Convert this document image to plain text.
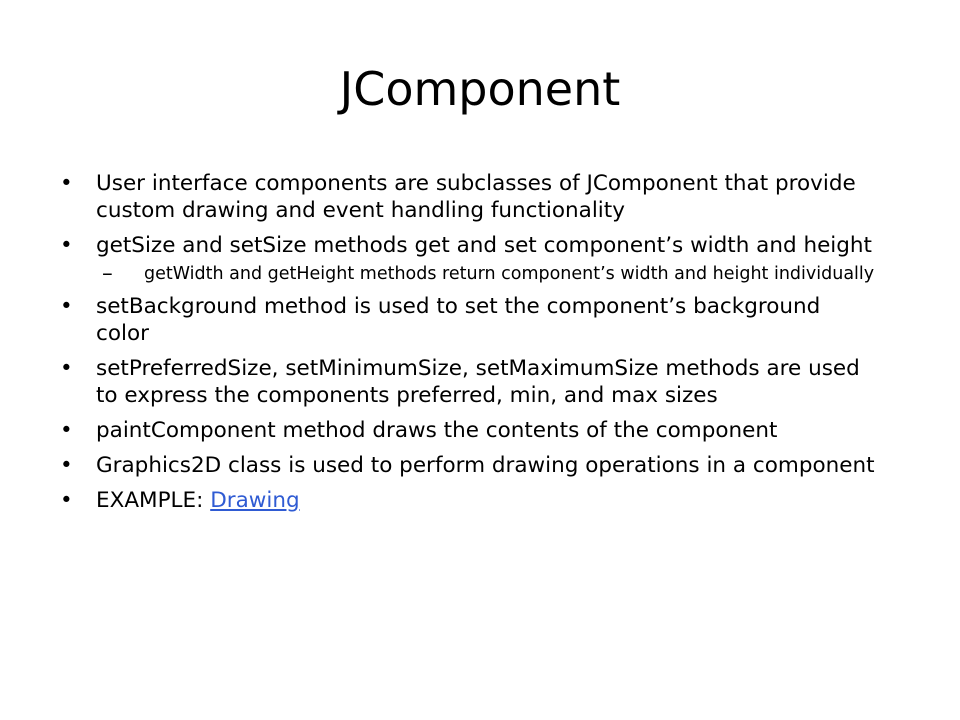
JComponent
• User interface components are subclasses of JComponent that provide custom drawing and event handling functionality
• getSize and setSize methods get and set component’s width and height
– getWidth and getHeight methods return component’s width and height individually
• setBackground method is used to set the component’s background color
• setPreferredSize, setMinimumSize, setMaximumSize methods are used to express the components preferred, min, and max sizes
• paintComponent method draws the contents of the component
• Graphics2D class is used to perform drawing operations in a component
• EXAMPLE: Drawing
